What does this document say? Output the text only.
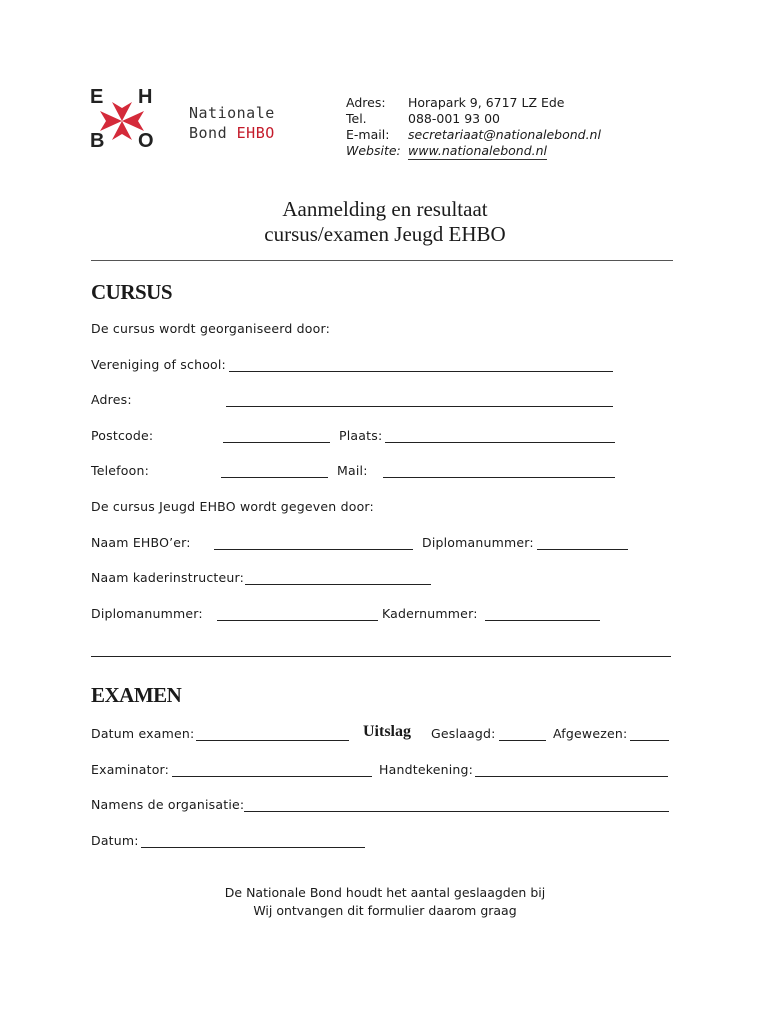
E H
B O
Nationale
Bond EHBO
Adres: Horapark 9, 6717 LZ Ede
Tel.	088-001 93 00
E-mail: secretariaat@nationalebond.nl
Website: www.nationalebond.nl
Aanmelding en resultaat
cursus/examen Jeugd EHBO
CURSUS
De cursus wordt georganiseerd door:
Vereniging of school:
Adres:
Postcode:	Plaats:
Telefoon:	Mail:
De cursus Jeugd EHBO wordt gegeven door:
Naam EHBO’er:	Diplomanummer:
Naam kaderinstructeur:
Diplomanummer:	Kadernummer:
EXAMEN
Datum examen:	Uitslag Geslaagd:	Afgewezen:
Examinator:	Handtekening:
Namens de organisatie:
Datum:
De Nationale Bond houdt het aantal geslaagden bij
Wij ontvangen dit formulier daarom graag
